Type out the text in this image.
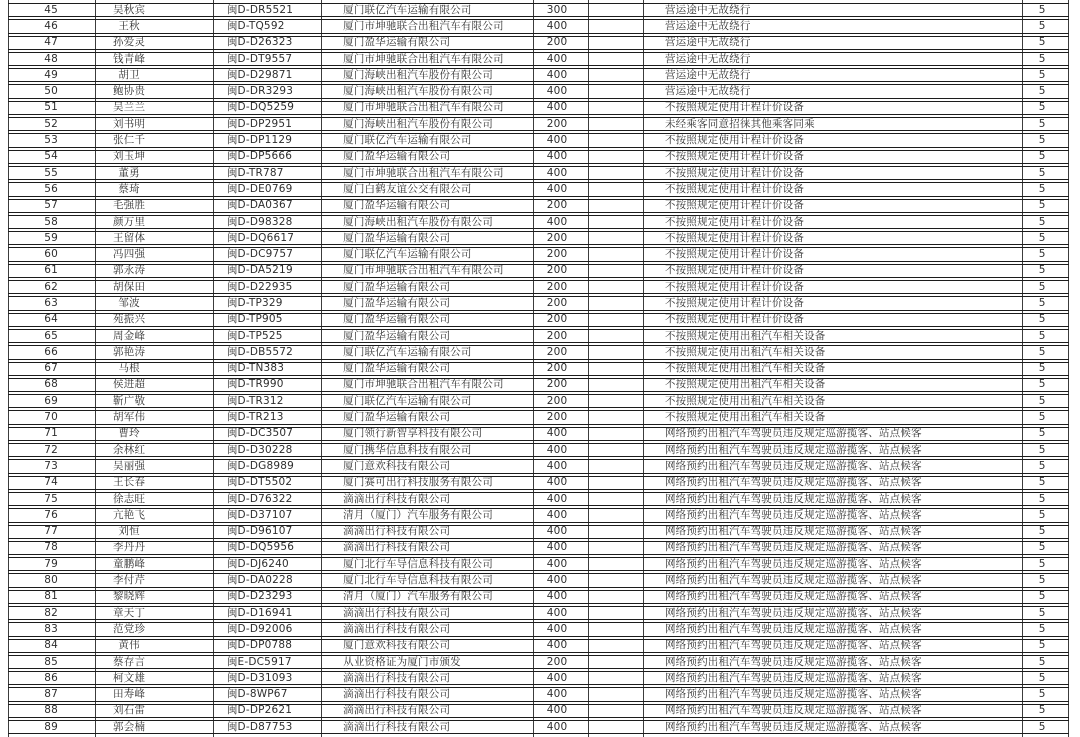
45	吴秋宾	闽D-DR5521	厦门联亿汽车运输有限公司	300	营运途中无故绕行	5
46	王秋	闽D-TQ592	厦门市坤驰联合出租汽车有限公司	400	营运途中无故绕行	5
47	孙爱灵	闽D-D26323	厦门盈华运输有限公司	200	营运途中无故绕行	5
48	钱青峰	闽D-DT9557	厦门市坤驰联合出租汽车有限公司	400	营运途中无故绕行	5
49	胡卫	闽D-D29871	厦门海峡出租汽车股份有限公司	400	营运途中无故绕行	5
50	鲍协贵	闽D-DR3293	厦门海峡出租汽车股份有限公司	400	营运途中无故绕行	5
51	吴兰兰	闽D-DQ5259	厦门市坤驰联合出租汽车有限公司	400	不按照规定使用计程计价设备	5
52	刘书明	闽D-DP2951	厦门海峡出租汽车股份有限公司	200	未经乘客同意招徕其他乘客同乘	5
53	张仁千	闽D-DP1129	厦门联亿汽车运输有限公司	400	不按照规定使用计程计价设备	5
54	刘玉坤	闽D-DP5666	厦门盈华运输有限公司	400	不按照规定使用计程计价设备	5
55	董勇	闽D-TR787	厦门市坤驰联合出租汽车有限公司	400	不按照规定使用计程计价设备	5
56	蔡琦	闽D-DE0769	厦门白鹤友谊公交有限公司	400	不按照规定使用计程计价设备	5
57	毛强胜	闽D-DA0367	厦门盈华运输有限公司	200	不按照规定使用计程计价设备	5
58	颜万里	闽D-D98328	厦门海峡出租汽车股份有限公司	400	不按照规定使用计程计价设备	5
59	王留体	闽D-DQ6617	厦门盈华运输有限公司	200	不按照规定使用计程计价设备	5
60	冯四强	闽D-DC9757	厦门联亿汽车运输有限公司	200	不按照规定使用计程计价设备	5
61	郭永涛	闽D-DA5219	厦门市坤驰联合出租汽车有限公司	200	不按照规定使用计程计价设备	5
62	胡保田	闽D-D22935	厦门盈华运输有限公司	200	不按照规定使用计程计价设备	5
63	邹波	闽D-TP329	厦门盈华运输有限公司	200	不按照规定使用计程计价设备	5
64	苑振兴	闽D-TP905	厦门盈华运输有限公司	200	不按照规定使用计程计价设备	5
65	周金峰	闽D-TP525	厦门盈华运输有限公司	200	不按照规定使用出租汽车相关设备	5
66	郭艳涛	闽D-DB5572	厦门联亿汽车运输有限公司	200	不按照规定使用出租汽车相关设备	5
67	马根	闽D-TN383	厦门盈华运输有限公司	200	不按照规定使用出租汽车相关设备	5
68	侯进超	闽D-TR990	厦门市坤驰联合出租汽车有限公司	200	不按照规定使用出租汽车相关设备	5
69	靳广敬	闽D-TR312	厦门联亿汽车运输有限公司	200	不按照规定使用出租汽车相关设备	5
70	胡军伟	闽D-TR213	厦门盈华运输有限公司	200	不按照规定使用出租汽车相关设备	5
71	曹玲	闽D-DC3507	厦门领行新智享科技有限公司	400	网络预约出租汽车驾驶员违反规定巡游揽客、站点候客	5
72	余林红	闽D-D30228	厦门携华信息科技有限公司	400	网络预约出租汽车驾驶员违反规定巡游揽客、站点候客	5
73	吴丽强	闽D-DG8989	厦门意欢科技有限公司	400	网络预约出租汽车驾驶员违反规定巡游揽客、站点候客	5
74	王长春	闽D-DT5502	厦门赛可出行科技服务有限公司	400	网络预约出租汽车驾驶员违反规定巡游揽客、站点候客	5
75	徐志旺	闽D-D76322	滴滴出行科技有限公司	400	网络预约出租汽车驾驶员违反规定巡游揽客、站点候客	5
76	亢艳飞	闽D-D37107	清月（厦门）汽车服务有限公司	400	网络预约出租汽车驾驶员违反规定巡游揽客、站点候客	5
77	刘恒	闽D-D96107	滴滴出行科技有限公司	400	网络预约出租汽车驾驶员违反规定巡游揽客、站点候客	5
78	李丹丹	闽D-DQ5956	滴滴出行科技有限公司	400	网络预约出租汽车驾驶员违反规定巡游揽客、站点候客	5
79	童鹏峰	闽D-DJ6240	厦门北行车导信息科技有限公司	400	网络预约出租汽车驾驶员违反规定巡游揽客、站点候客	5
80	李付芹	闽D-DA0228	厦门北行车导信息科技有限公司	400	网络预约出租汽车驾驶员违反规定巡游揽客、站点候客	5
81	黎晓辉	闽D-D23293	清月（厦门）汽车服务有限公司	400	网络预约出租汽车驾驶员违反规定巡游揽客、站点候客	5
82	章天丁	闽D-D16941	滴滴出行科技有限公司	400	网络预约出租汽车驾驶员违反规定巡游揽客、站点候客	5
83	范党珍	闽D-D92006	滴滴出行科技有限公司	400	网络预约出租汽车驾驶员违反规定巡游揽客、站点候客	5
84	黄伟	闽D-DP0788	厦门意欢科技有限公司	400	网络预约出租汽车驾驶员违反规定巡游揽客、站点候客	5
85	蔡存言	闽E-DC5917	从业资格证为厦门市颁发	200	网络预约出租汽车驾驶员违反规定巡游揽客、站点候客	5
86	柯文雄	闽D-D31093	滴滴出行科技有限公司	400	网络预约出租汽车驾驶员违反规定巡游揽客、站点候客	5
87	田寿峰	闽D-8WP67	滴滴出行科技有限公司	400	网络预约出租汽车驾驶员违反规定巡游揽客、站点候客	5
88	刘石雷	闽D-DP2621	滴滴出行科技有限公司	400	网络预约出租汽车驾驶员违反规定巡游揽客、站点候客	5
89	郭会楠	闽D-D87753	滴滴出行科技有限公司	400	网络预约出租汽车驾驶员违反规定巡游揽客、站点候客	5
